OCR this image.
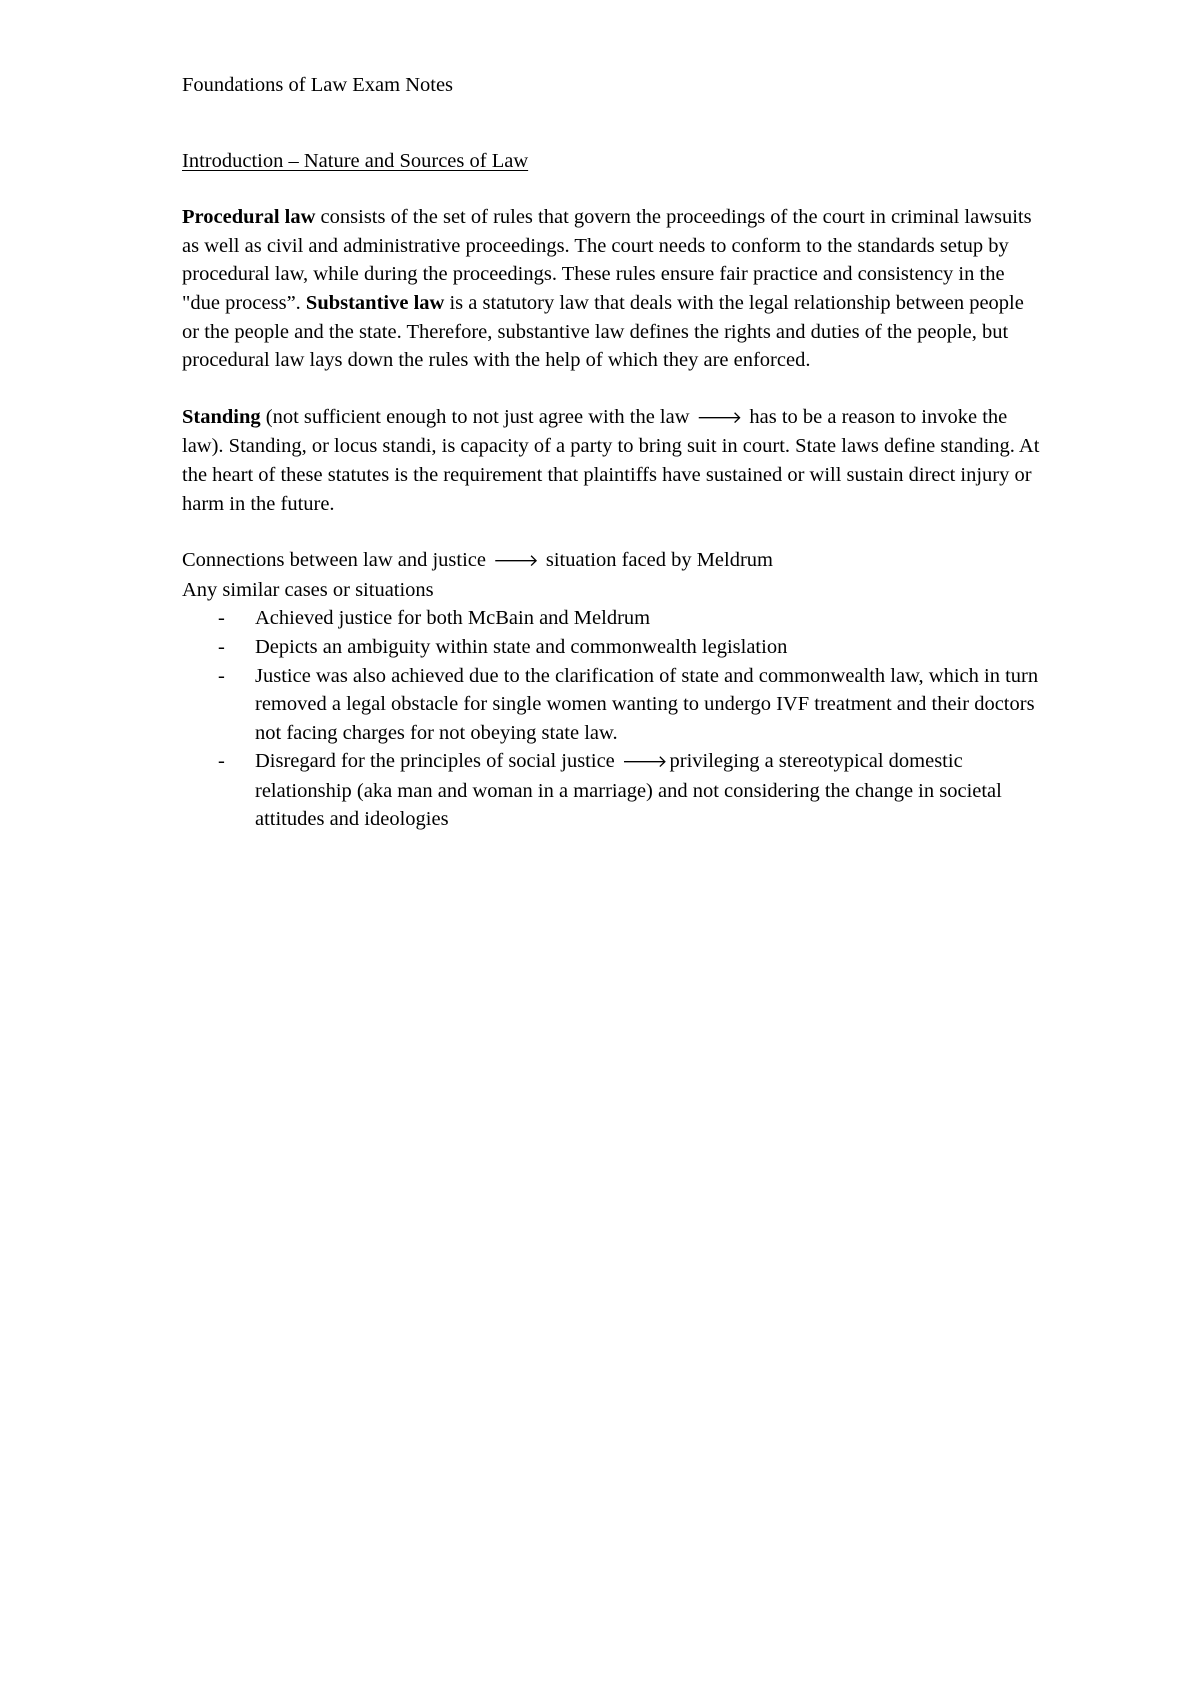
Foundations of Law Exam Notes

Introduction – Nature and Sources of Law

Procedural law consists of the set of rules that govern the proceedings of the court in criminal lawsuits as well as civil and administrative proceedings. The court needs to conform to the standards setup by procedural law, while during the proceedings. These rules ensure fair practice and consistency in the "due process”. Substantive law is a statutory law that deals with the legal relationship between people or the people and the state. Therefore, substantive law defines the rights and duties of the people, but procedural law lays down the rules with the help of which they are enforced.

Standing (not sufficient enough to not just agree with the law 🡒 has to be a reason to invoke the law). Standing, or locus standi, is capacity of a party to bring suit in court. State laws define standing. At the heart of these statutes is the requirement that plaintiffs have sustained or will sustain direct injury or harm in the future.

Connections between law and justice 🡒 situation faced by Meldrum
Any similar cases or situations
- Achieved justice for both McBain and Meldrum
- Depicts an ambiguity within state and commonwealth legislation
- Justice was also achieved due to the clarification of state and commonwealth law, which in turn removed a legal obstacle for single women wanting to undergo IVF treatment and their doctors not facing charges for not obeying state law.
- Disregard for the principles of social justice 🡒privileging a stereotypical domestic relationship (aka man and woman in a marriage) and not considering the change in societal attitudes and ideologies
